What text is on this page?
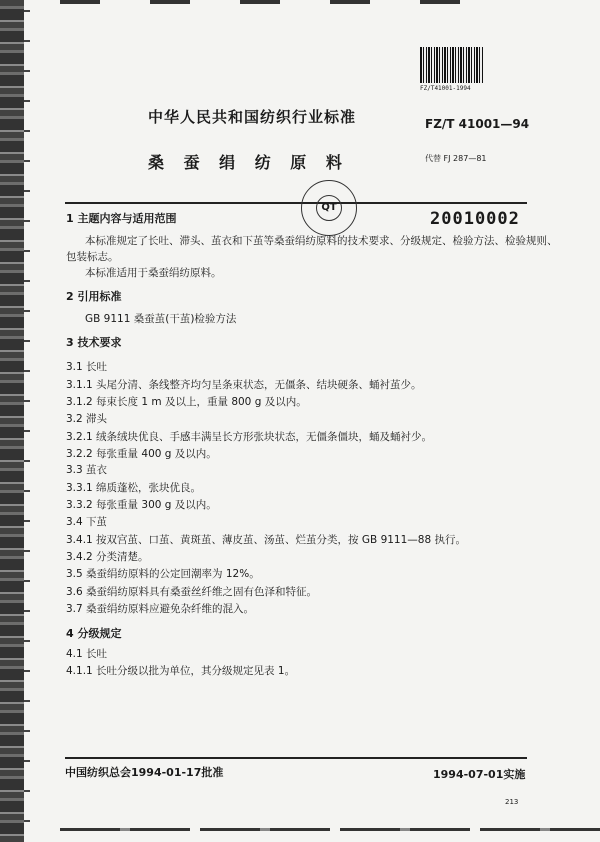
FZ/T41001-1994
中华人民共和国纺织行业标准	FZ/T 41001—94
桑 蚕 绢 纺 原 料	代替 FJ 287—81
QT
20010002
1 主题内容与适用范围
本标准规定了长吐、滞头、茧衣和下茧等桑蚕绢纺原料的技术要求、分级规定、检验方法、检验规则、
包装标志。
本标准适用于桑蚕绢纺原料。
2 引用标准
GB 9111 桑蚕茧(干茧)检验方法
3 技术要求
3.1 长吐
3.1.1 头尾分清、条线整齐均匀呈条束状态，无僵条、结块硬条、蛹衬茧少。
3.1.2 每束长度 1 m 及以上，重量 800 g 及以内。
3.2 滞头
3.2.1 绒条绒块优良、手感丰满呈长方形张块状态，无僵条僵块，蛹及蛹衬少。
3.2.2 每张重量 400 g 及以内。
3.3 茧衣
3.3.1 绵质蓬松，张块优良。
3.3.2 每张重量 300 g 及以内。
3.4 下茧
3.4.1 按双宫茧、口茧、黄斑茧、薄皮茧、汤茧、烂茧分类，按 GB 9111—88 执行。
3.4.2 分类清楚。
3.5 桑蚕绢纺原料的公定回潮率为 12%。
3.6 桑蚕绢纺原料具有桑蚕丝纤维之固有色泽和特征。
3.7 桑蚕绢纺原料应避免杂纤维的混入。
4 分级规定
4.1 长吐
4.1.1 长吐分级以批为单位，其分级规定见表 1。
中国纺织总会1994-01-17批准	1994-07-01实施
213
